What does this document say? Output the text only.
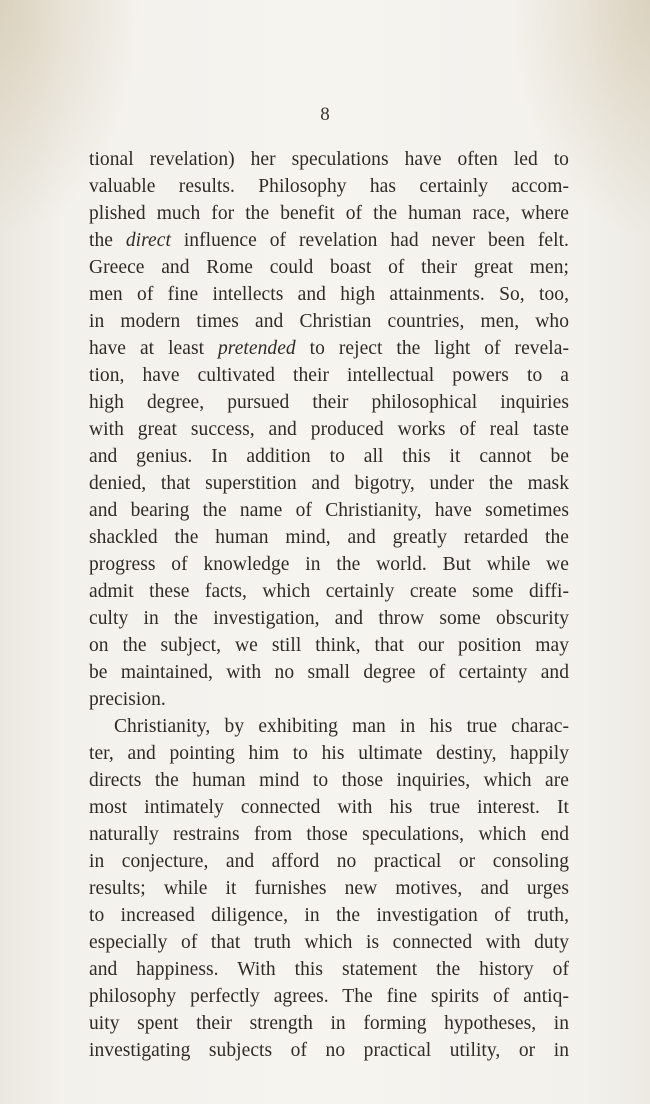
8
tional revelation) her speculations have often led to
valuable results. Philosophy has certainly accom-
plished much for the benefit of the human race, where
the direct influence of revelation had never been felt.
Greece and Rome could boast of their great men;
men of fine intellects and high attainments. So, too,
in modern times and Christian countries, men, who
have at least pretended to reject the light of revela-
tion, have cultivated their intellectual powers to a
high degree, pursued their philosophical inquiries
with great success, and produced works of real taste
and genius. In addition to all this it cannot be
denied, that superstition and bigotry, under the mask
and bearing the name of Christianity, have sometimes
shackled the human mind, and greatly retarded the
progress of knowledge in the world. But while we
admit these facts, which certainly create some diffi-
culty in the investigation, and throw some obscurity
on the subject, we still think, that our position may
be maintained, with no small degree of certainty and
precision.
Christianity, by exhibiting man in his true charac-
ter, and pointing him to his ultimate destiny, happily
directs the human mind to those inquiries, which are
most intimately connected with his true interest. It
naturally restrains from those speculations, which end
in conjecture, and afford no practical or consoling
results; while it furnishes new motives, and urges
to increased diligence, in the investigation of truth,
especially of that truth which is connected with duty
and happiness. With this statement the history of
philosophy perfectly agrees. The fine spirits of antiq-
uity spent their strength in forming hypotheses, in
investigating subjects of no practical utility, or in
